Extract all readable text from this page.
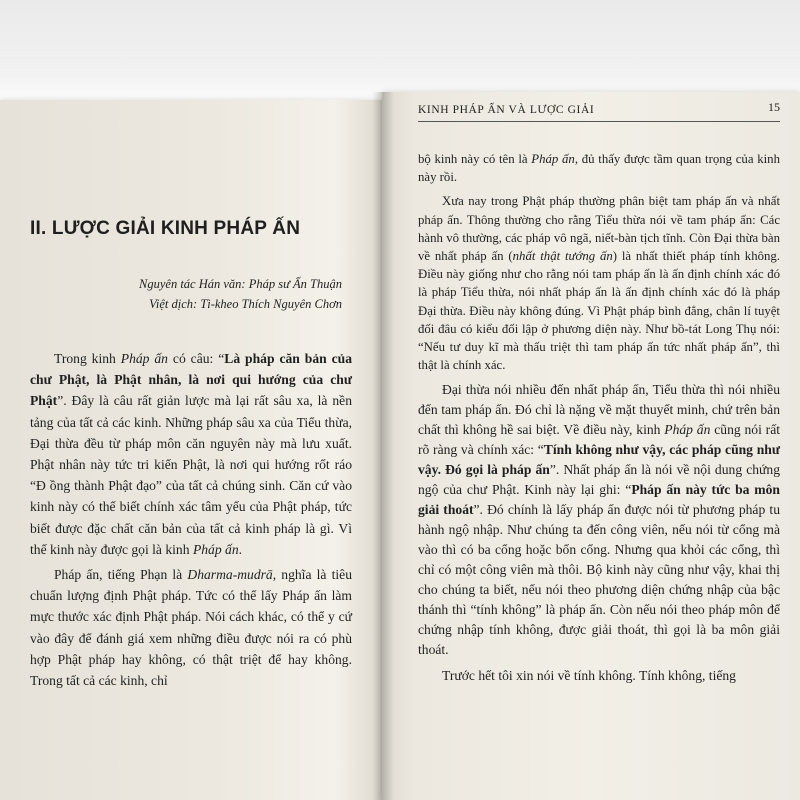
II. LƯỢC GIẢI KINH PHÁP ẤN
Nguyên tác Hán văn: Pháp sư Ấn Thuận
Việt dịch: Tì-kheo Thích Nguyên Chơn

Trong kinh Pháp ấn có câu: “Là pháp căn bản của chư Phật, là Phật nhân, là nơi qui hướng của chư Phật”. Đây là câu rất giản lược mà lại rất sâu xa, là nền tảng của tất cả các kinh. Những pháp sâu xa của Tiểu thừa, Đại thừa đều từ pháp môn căn nguyên này mà lưu xuất. Phật nhân này tức tri kiến Phật, là nơi qui hướng rốt ráo “Đ ồng thành Phật đạo” của tất cả chúng sinh. Căn cứ vào kinh này có thể biết chính xác tâm yếu của Phật pháp, tức biết được đặc chất căn bản của tất cả kinh pháp là gì. Vì thế kinh này được gọi là kinh Pháp ấn.

Pháp ấn, tiếng Phạn là Dharma-mudrā, nghĩa là tiêu chuẩn lượng định Phật pháp. Tức có thể lấy Pháp ấn làm mực thước xác định Phật pháp. Nói cách khác, có thể y cứ vào đây để đánh giá xem những điều được nói ra có phù hợp Phật pháp hay không, có thật triệt để hay không. Trong tất cả các kinh, chỉ

KINH PHÁP ẤN VÀ LƯỢC GIẢI	15

bộ kinh này có tên là Pháp ấn, đủ thấy được tầm quan trọng của kinh này rồi.

Xưa nay trong Phật pháp thường phân biệt tam pháp ấn và nhất pháp ấn. Thông thường cho rằng Tiểu thừa nói về tam pháp ấn: Các hành vô thường, các pháp vô ngã, niết-bàn tịch tĩnh. Còn Đại thừa bàn về nhất pháp ấn (nhất thật tướng ấn) là nhất thiết pháp tính không. Điều này giống như cho rằng nói tam pháp ấn là ấn định chính xác đó là pháp Tiểu thừa, nói nhất pháp ấn là ấn định chính xác đó là pháp Đại thừa. Điều này không đúng. Vì Phật pháp bình đẳng, chân lí tuyệt đối đâu có kiểu đối lập ở phương diện này. Như bồ-tát Long Thụ nói: “Nếu tư duy kĩ mà thấu triệt thì tam pháp ấn tức nhất pháp ấn”, thì thật là chính xác.

Đại thừa nói nhiều đến nhất pháp ấn, Tiểu thừa thì nói nhiều đến tam pháp ấn. Đó chỉ là nặng về mặt thuyết minh, chứ trên bản chất thì không hề sai biệt. Về điều này, kinh Pháp ấn cũng nói rất rõ ràng và chính xác: “Tính không như vậy, các pháp cũng như vậy. Đó gọi là pháp ấn”. Nhất pháp ấn là nói về nội dung chứng ngộ của chư Phật. Kinh này lại ghi: “Pháp ấn này tức ba môn giải thoát”. Đó chính là lấy pháp ấn được nói từ phương pháp tu hành ngộ nhập. Như chúng ta đến công viên, nếu nói từ cổng mà vào thì có ba cổng hoặc bốn cổng. Nhưng qua khỏi các cổng, thì chỉ có một công viên mà thôi. Bộ kinh này cũng như vậy, khai thị cho chúng ta biết, nếu nói theo phương diện chứng nhập của bậc thánh thì “tính không” là pháp ấn. Còn nếu nói theo pháp môn để chứng nhập tính không, được giải thoát, thì gọi là ba môn giải thoát.

Trước hết tôi xin nói về tính không. Tính không, tiếng
